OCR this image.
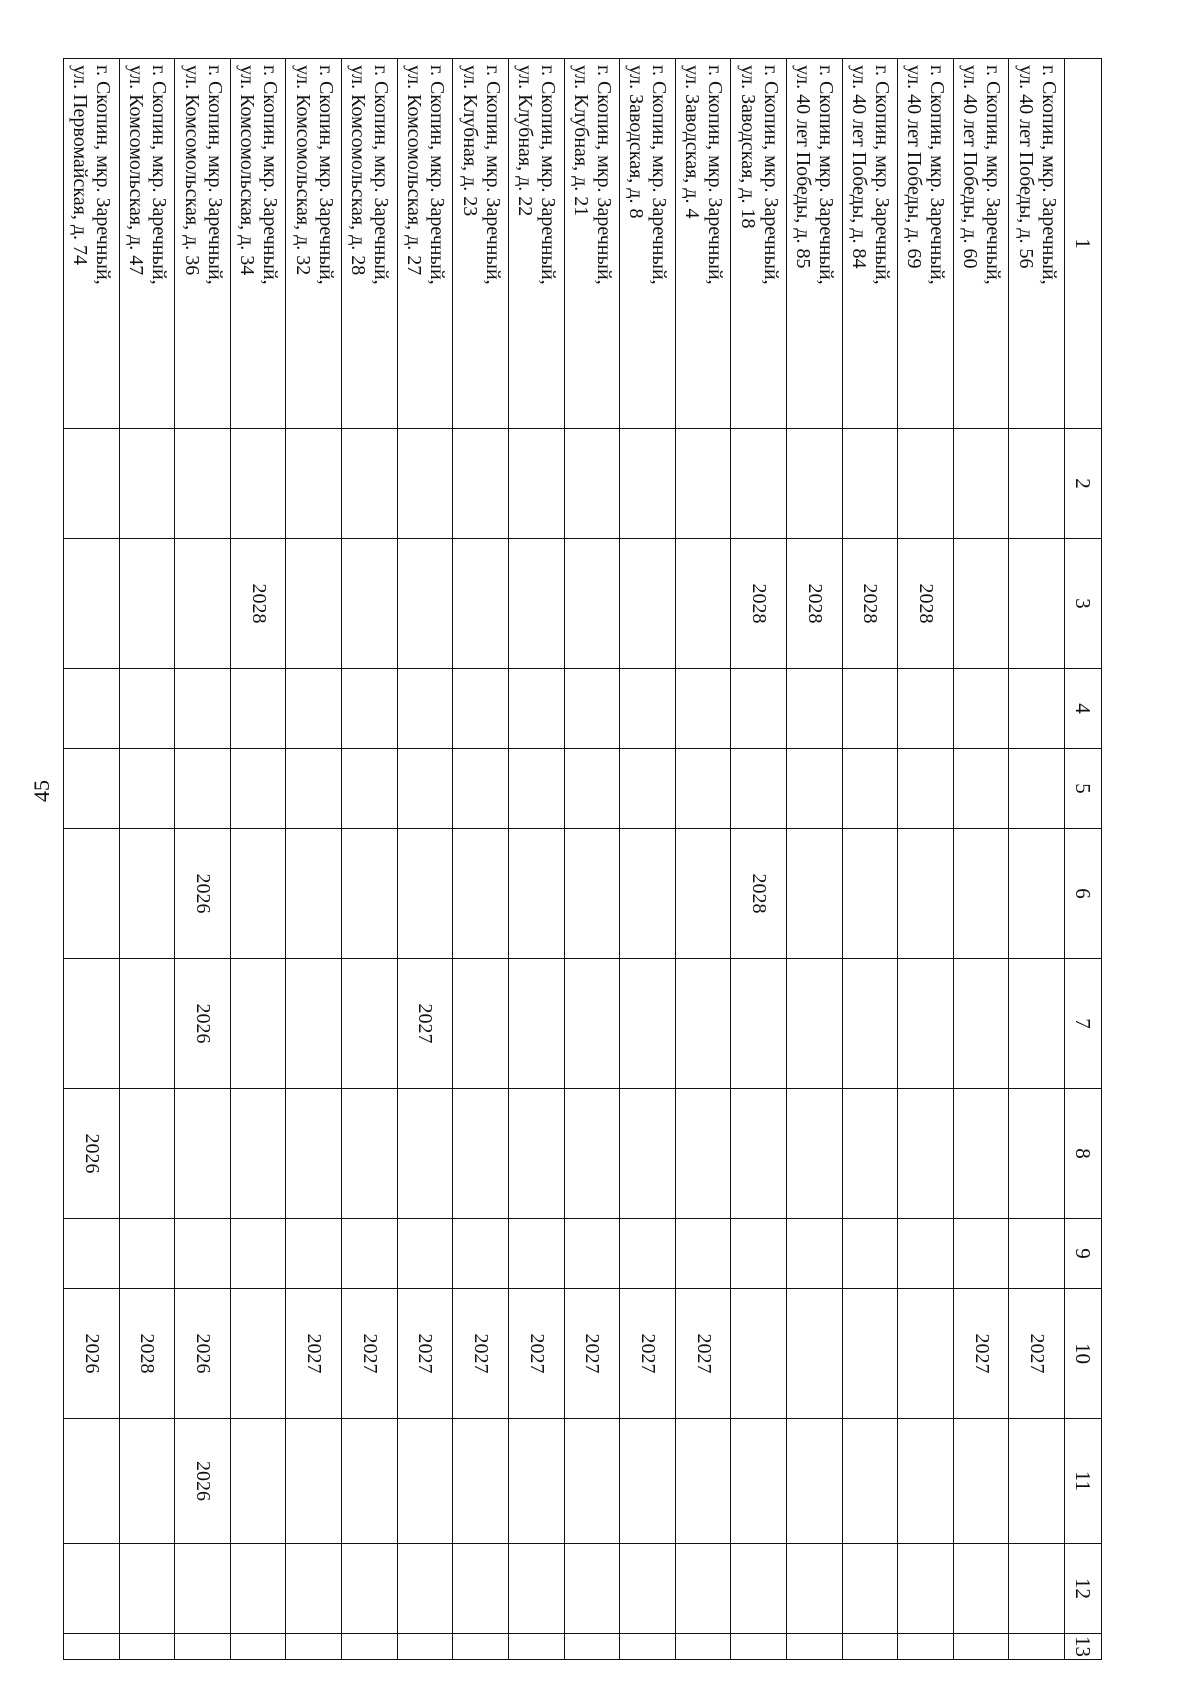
45
1	2	3	4	5	6	7	8	9	10	11	12	13

г. Скопин, мкр. Заречный,
ул. 40 лет Победы, д. 56									2027			

г. Скопин, мкр. Заречный,
ул. 40 лет Победы, д. 60									2027			

г. Скопин, мкр. Заречный,
ул. 40 лет Победы, д. 69		2028										

г. Скопин, мкр. Заречный,
ул. 40 лет Победы, д. 84		2028										

г. Скопин, мкр. Заречный,
ул. 40 лет Победы, д. 85		2028										

г. Скопин, мкр. Заречный,
ул. Заводская, д. 18		2028			2028							

г. Скопин, мкр. Заречный,
ул. Заводская, д. 4									2027			

г. Скопин, мкр. Заречный,
ул. Заводская, д. 8									2027			

г. Скопин, мкр. Заречный,
ул. Клубная, д. 21									2027			

г. Скопин, мкр. Заречный,
ул. Клубная, д. 22									2027			

г. Скопин, мкр. Заречный,
ул. Клубная, д. 23									2027			

г. Скопин, мкр. Заречный,
ул. Комсомольская, д. 27						2027			2027			

г. Скопин, мкр. Заречный,
ул. Комсомольская, д. 28									2027			

г. Скопин, мкр. Заречный,
ул. Комсомольская, д. 32									2027			

г. Скопин, мкр. Заречный,
ул. Комсомольская, д. 34		2028										

г. Скопин, мкр. Заречный,
ул. Комсомольская, д. 36					2026	2026			2026	2026		

г. Скопин, мкр. Заречный,
ул. Комсомольская, д. 47									2028			

г. Скопин, мкр. Заречный,
ул. Первомайская, д. 74							2026		2026			
